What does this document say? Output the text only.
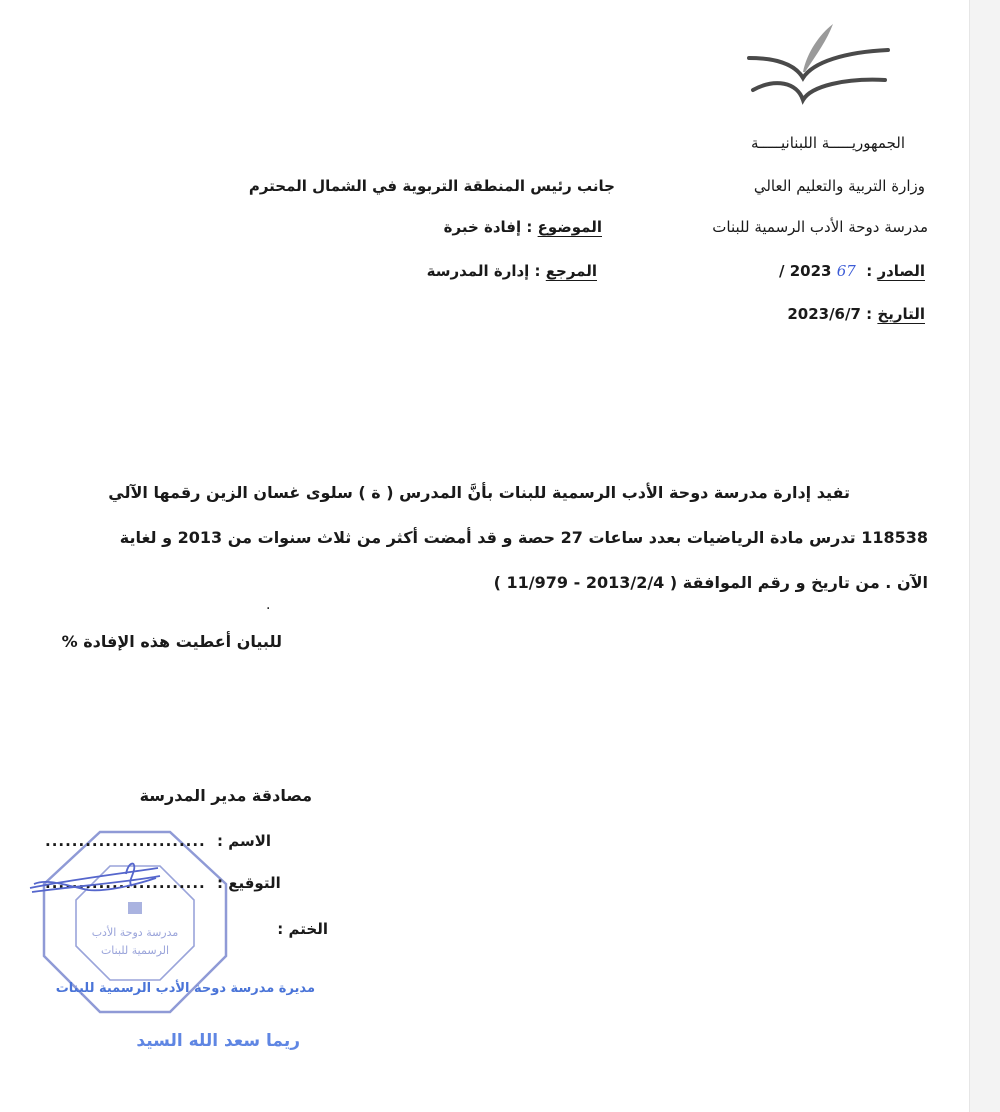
الجمهوريـــــة اللبنانيـــــة
وزارة التربية والتعليم العالي
مدرسة دوحة الأدب الرسمية للبنات
الصادر :  67 2023 /
التاريخ : 2023/6/7
جانب رئيس المنطقة التربوية في الشمال المحترم
الموضوع : إفادة خبرة
المرجع : إدارة المدرسة
تفيد إدارة مدرسة دوحة الأدب الرسمية للبنات بأنَّ المدرس ( ة ) سلوى غسان الزين رقمها الآلي
118538 تدرس مادة الرياضيات بعدد ساعات 27 حصة و قد أمضت أكثر من ثلاث سنوات من 2013 و لغاية
الآن . من تاريخ و رقم الموافقة ( 2013/2/4 - 11/979 )
.
للبيان أعطيت هذه الإفادة %
مدرسة دوحة الأدب
الرسمية للبنات
مصادقة مدير المدرسة
........................ الاسم :
........................ التوقيع :
الختم :
مديرة مدرسة دوحة الأدب الرسمية للبنات
ريما سعد الله السيد
